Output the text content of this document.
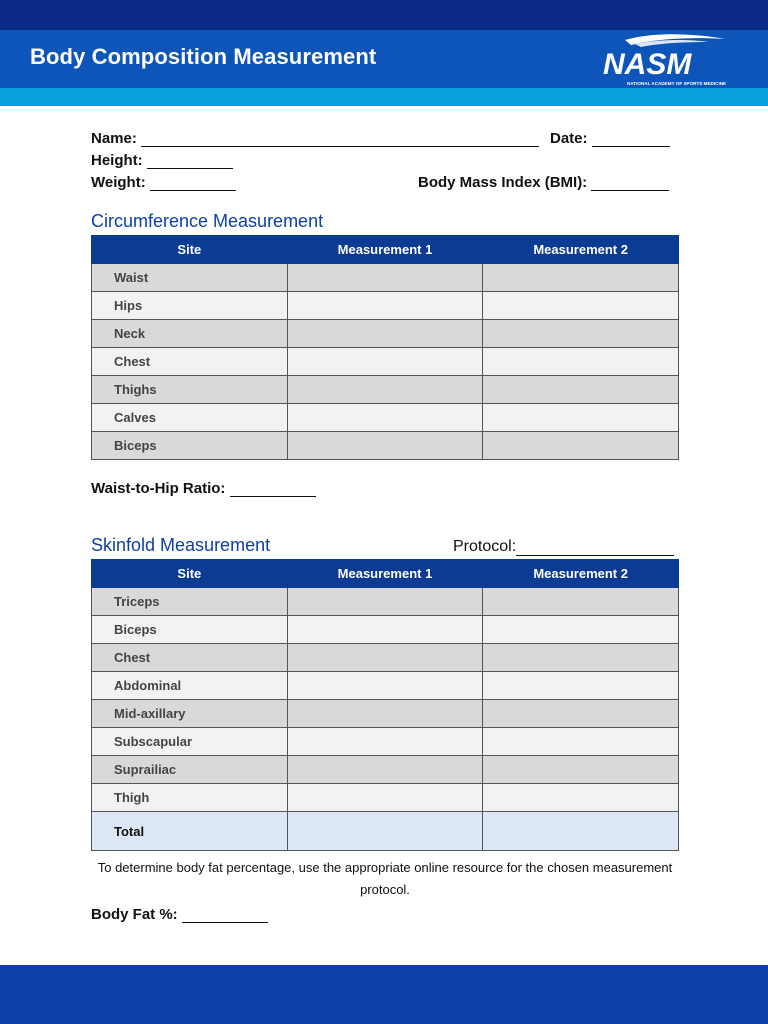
Body Composition Measurement	NASM
NATIONAL ACADEMY OF SPORTS MEDICINE
Name:	Date:
Height:
Weight:	Body Mass Index (BMI):
Circumference Measurement
Site	Measurement 1	Measurement 2
Waist		
Hips		
Neck		
Chest		
Thighs		
Calves		
Biceps		
Waist-to-Hip Ratio:
Skinfold Measurement	Protocol:
Site	Measurement 1	Measurement 2
Triceps		
Biceps		
Chest		
Abdominal		
Mid-axillary		
Subscapular		
Suprailiac		
Thigh		
Total		
To determine body fat percentage, use the appropriate online resource for the chosen measurement protocol.
Body Fat %:
